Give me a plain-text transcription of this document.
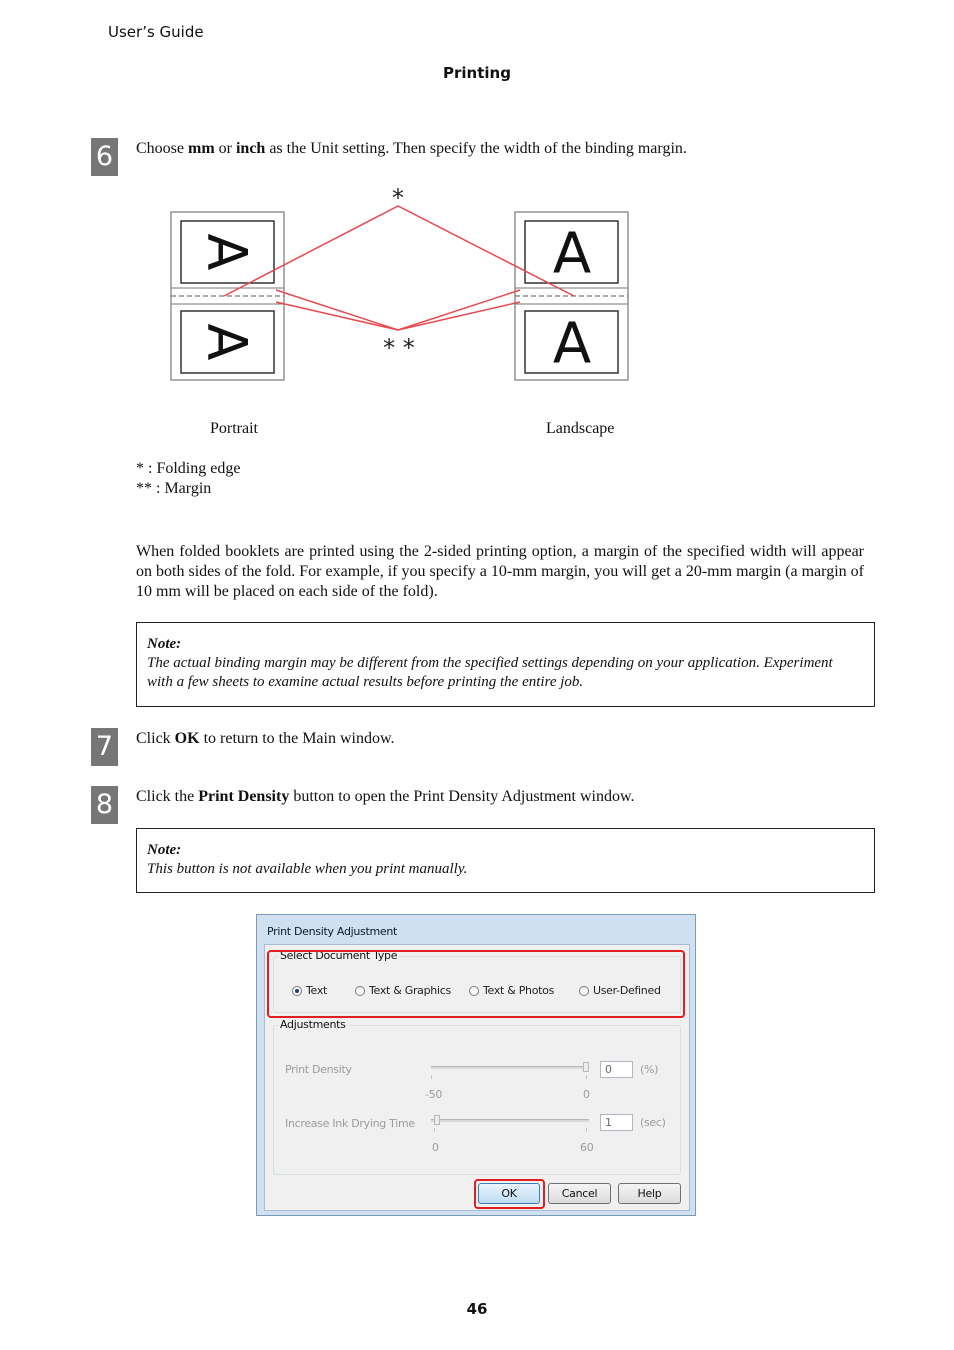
User’s Guide
Printing
6	Choose mm or inch as the Unit setting. Then specify the width of the binding margin.
A
A
A
A
*
* *
Portrait	Landscape
* : Folding edge
** : Margin
When folded booklets are printed using the 2-sided printing option, a margin of the specified width will appear on both sides of the fold. For example, if you specify a 10-mm margin, you will get a 20-mm margin (a margin of 10 mm will be placed on each side of the fold).
Note:
The actual binding margin may be different from the specified settings depending on your application. Experiment with a few sheets to examine actual results before printing the entire job.
7	Click OK to return to the Main window.
8	Click the Print Density button to open the Print Density Adjustment window.
Note:
This button is not available when you print manually.
Print Density Adjustment
Select Document Type
Text	Text & Graphics	Text & Photos	User-Defined
Adjustments
Print Density
-50	0
0	(%)
Increase Ink Drying Time
0	60
1	(sec)
OK	Cancel	Help
46
